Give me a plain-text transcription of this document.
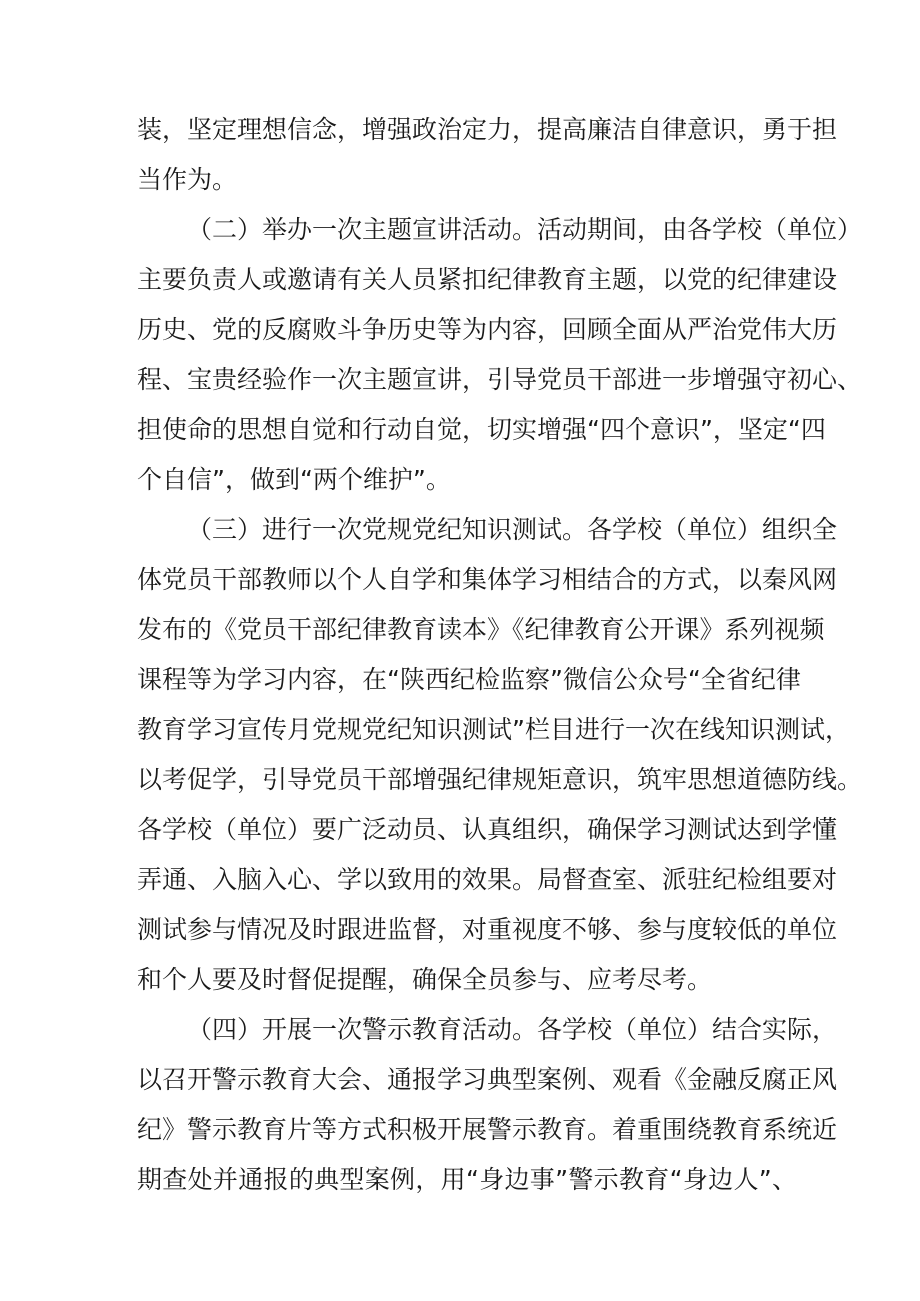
装，坚定理想信念，增强政治定力，提高廉洁自律意识，勇于担
当作为。
（二）举办一次主题宣讲活动。活动期间，由各学校（单位）
主要负责人或邀请有关人员紧扣纪律教育主题，以党的纪律建设
历史、党的反腐败斗争历史等为内容，回顾全面从严治党伟大历
程、宝贵经验作一次主题宣讲，引导党员干部进一步增强守初心、
担使命的思想自觉和行动自觉，切实增强“四个意识”，坚定“四
个自信”，做到“两个维护”。
（三）进行一次党规党纪知识测试。各学校（单位）组织全
体党员干部教师以个人自学和集体学习相结合的方式，以秦风网
发布的《党员干部纪律教育读本》《纪律教育公开课》系列视频
课程等为学习内容，在“陕西纪检监察”微信公众号“全省纪律
教育学习宣传月党规党纪知识测试”栏目进行一次在线知识测试，
以考促学，引导党员干部增强纪律规矩意识，筑牢思想道德防线。
各学校（单位）要广泛动员、认真组织，确保学习测试达到学懂
弄通、入脑入心、学以致用的效果。局督查室、派驻纪检组要对
测试参与情况及时跟进监督，对重视度不够、参与度较低的单位
和个人要及时督促提醒，确保全员参与、应考尽考。
（四）开展一次警示教育活动。各学校（单位）结合实际，
以召开警示教育大会、通报学习典型案例、观看《金融反腐正风
纪》警示教育片等方式积极开展警示教育。着重围绕教育系统近
期查处并通报的典型案例，用“身边事”警示教育“身边人”、
